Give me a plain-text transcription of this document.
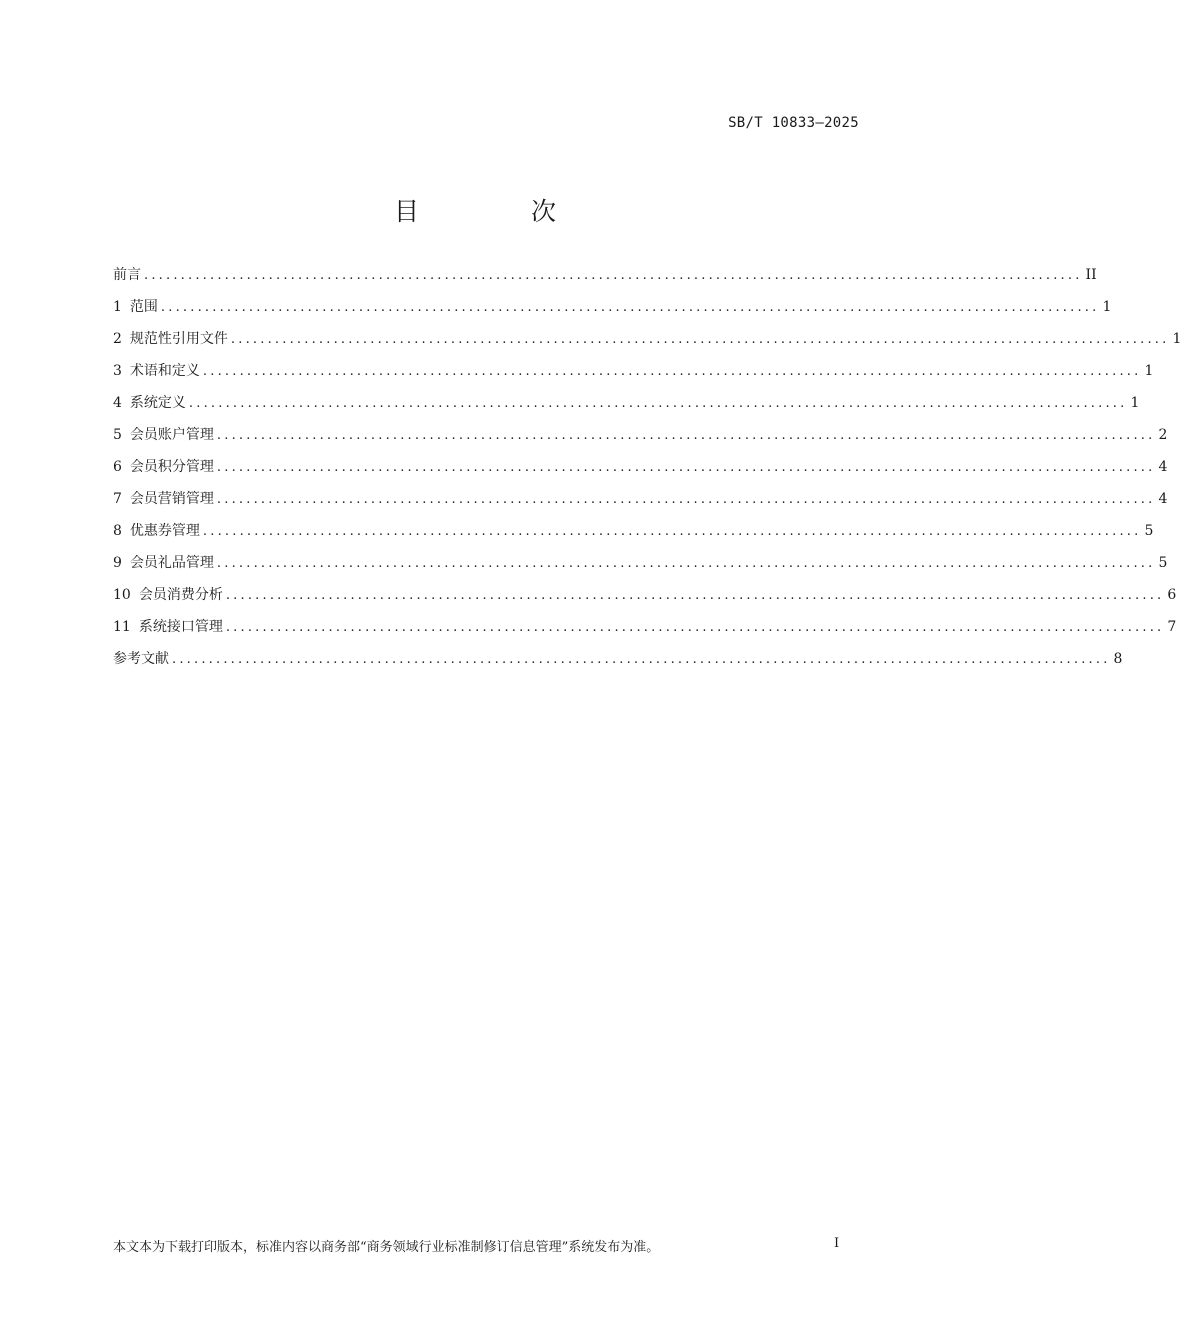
SB/T 10833—2025
目 次
前言 ................................................................................................................................ II
1 范围 ................................................................................................................................ 1
2 规范性引用文件 ................................................................................................................................ 1
3 术语和定义 ................................................................................................................................ 1
4 系统定义 ................................................................................................................................ 1
5 会员账户管理 ................................................................................................................................ 2
6 会员积分管理 ................................................................................................................................ 4
7 会员营销管理 ................................................................................................................................ 4
8 优惠券管理 ................................................................................................................................ 5
9 会员礼品管理 ................................................................................................................................ 5
10 会员消费分析 ................................................................................................................................ 6
11 系统接口管理 ................................................................................................................................ 7
参考文献 ................................................................................................................................ 8
本文本为下载打印版本，标准内容以商务部“商务领域行业标准制修订信息管理”系统发布为准。	I
